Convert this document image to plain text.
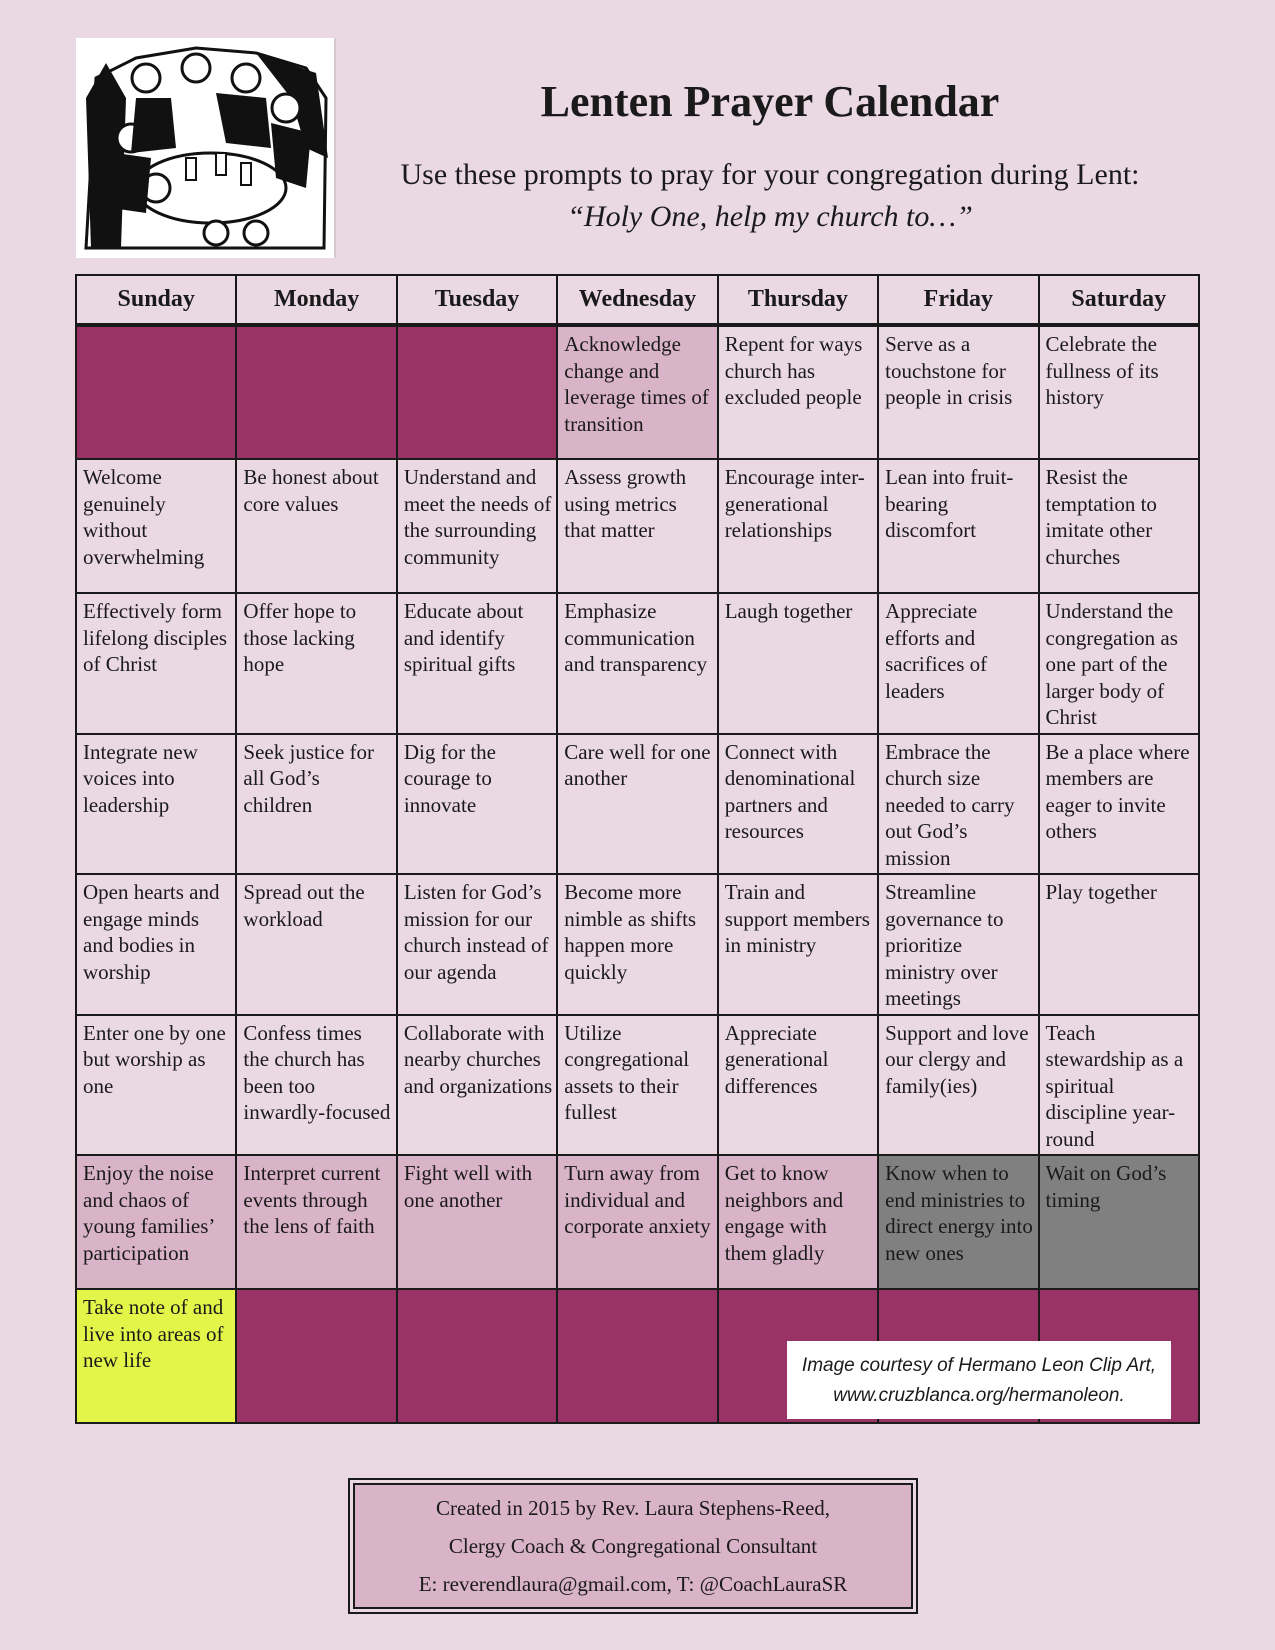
Lenten Prayer Calendar

Use these prompts to pray for your congregation during Lent:

“Holy One, help my church to…”

Sunday	Monday	Tuesday	Wednesday	Thursday	Friday	Saturday
			Acknowledge change and leverage times of transition	Repent for ways church has excluded people	Serve as a touchstone for people in crisis	Celebrate the fullness of its history
Welcome genuinely without overwhelming	Be honest about core values	Understand and meet the needs of the surrounding community	Assess growth using metrics that matter	Encourage inter-generational relationships	Lean into fruit-bearing discomfort	Resist the temptation to imitate other churches
Effectively form lifelong disciples of Christ	Offer hope to those lacking hope	Educate about and identify spiritual gifts	Emphasize communication and transparency	Laugh together	Appreciate efforts and sacrifices of leaders	Understand the congregation as one part of the larger body of Christ
Integrate new voices into leadership	Seek justice for all God’s children	Dig for the courage to innovate	Care well for one another	Connect with denominational partners and resources	Embrace the church size needed to carry out God’s mission	Be a place where members are eager to invite others
Open hearts and engage minds and bodies in worship	Spread out the workload	Listen for God’s mission for our church instead of our agenda	Become more nimble as shifts happen more quickly	Train and support members in ministry	Streamline governance to prioritize ministry over meetings	Play together
Enter one by one but worship as one	Confess times the church has been too inwardly-focused	Collaborate with nearby churches and organizations	Utilize congregational assets to their fullest	Appreciate generational differences	Support and love our clergy and family(ies)	Teach stewardship as a spiritual discipline year-round
Enjoy the noise and chaos of young families’ participation	Interpret current events through the lens of faith	Fight well with one another	Turn away from individual and corporate anxiety	Get to know neighbors and engage with them gladly	Know when to end ministries to direct energy into new ones	Wait on God’s timing
Take note of and live into areas of new life							Image courtesy of Hermano Leon Clip Art,
www.cruzblanca.org/hermanoleon.
Created in 2015 by Rev. Laura Stephens-Reed,
Clergy Coach & Congregational Consultant
E: reverendlaura@gmail.com, T: @CoachLauraSR
